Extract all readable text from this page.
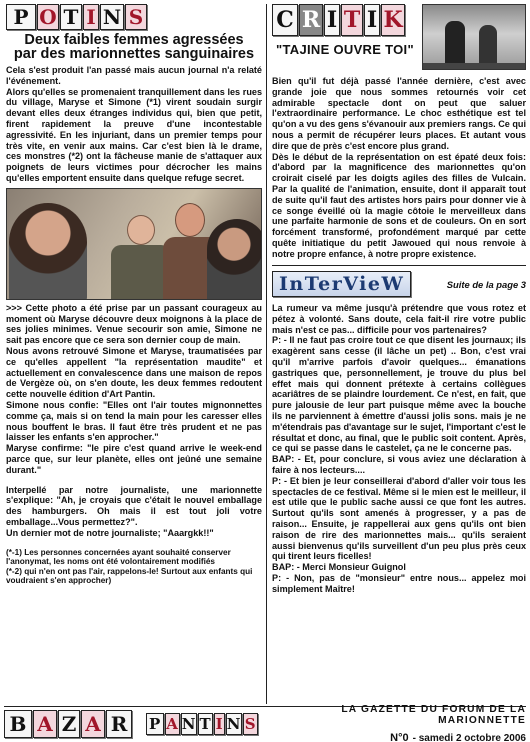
P O T I N S
Deux faibles femmes agressées
par des marionnettes sanguinaires

Cela s'est produit l'an passé mais aucun journal n'a relaté l'événement.

Alors qu'elles se promenaient tranquillement dans les rues du village, Maryse et Simone (*1) virent soudain surgir devant elles deux étranges individus qui, bien que petit, firent rapidement la preuve d'une incontestable agressivité. En les injuriant, dans un premier temps pour très vite, en venir aux mains. Car c'est bien là le drame, ces monstres (*2) ont la fâcheuse manie de s'attaquer aux poignets de leurs victimes pour décrocher les mains qu'elles emportent ensuite dans quelque refuge secret.

>>> Cette photo a été prise par un passant courageux au moment où Maryse découvre deux moignons à la place de ses jolies minimes. Venue secourir son amie, Simone ne sait pas encore que ce sera son dernier coup de main.

Nous avons retrouvé Simone et Maryse, traumatisées par ce qu'elles appellent "la représentation maudite" et actuellement en convalescence dans une maison de repos de Vergèze où, on s'en doute, les deux femmes redoutent cette nouvelle édition d'Art Pantin.

Simone nous confie: "Elles ont l'air toutes mignonnettes comme ça, mais si on tend la main pour les caresser elles nous bouffent le bras. Il faut être très prudent et ne pas laisser les enfants s'en approcher."

Maryse confirme: "le pire c'est quand arrive le week-end parce que, sur leur planète, elles ont jeûné une semaine durant."

Interpellé par notre journaliste, une marionnette s'explique: "Ah, je croyais que c'était le nouvel emballage des hamburgers. Oh mais il est tout joli votre emballage...Vous permettez?".

Un dernier mot de notre journaliste; "Aaargkk!!"

(*-1) Les personnes concernées ayant souhaité conserver l'anonymat, les noms ont été volontairement modifiés

(*-2) qui n'en ont pas l'air, rappelons-le! Surtout aux enfants qui voudraient s'en approcher)

C R I T I K
"TAJINE OUVRE TOI"

Bien qu'il fut déjà passé l'année dernière, c'est avec grande joie que nous sommes retournés voir cet admirable spectacle dont on peut que saluer l'extraordinaire performance. Le choc esthétique est tel qu'on a vu des gens s'évanouir aux premiers rangs. Ce qui nous a permit de récupérer leurs places. Et autant vous dire que de près c'est encore plus grand.

Dès le début de la représentation on est épaté deux fois: d'abord par la magnificence des marionnettes qu'on croirait ciselé par les doigts agiles des filles de Vulcain. Par la qualité de l'animation, ensuite, dont il apparaît tout de suite qu'il faut des artistes hors pairs pour donner vie à ce songe éveillé où la magie côtoie le merveilleux dans une parfaite harmonie de sons et de couleurs. On en sort forcément transformé, profondément marqué par cette quête initiatique du petit Jawoued qui nous renvoie à notre propre enfance, à notre propre existence.

InTerVieW	Suite de la page 3

La rumeur va même jusqu'à prétendre que vous rotez et pétez à volonté. Sans doute, cela fait-il rire votre public mais n'est ce pas... difficile pour vos partenaires?

P: - Il ne faut pas croire tout ce que disent les journaux; ils exagèrent sans cesse (il lâche un pet) .. Bon, c'est vrai qu'il m'arrive parfois d'avoir quelques... émanations gastriques que, personnellement, je trouve du plus bel effet mais qui donnent prétexte à certains collègues acariâtres de se plaindre lourdement. Ce n'est, en fait, que pure jalousie de leur part puisque même avec la bouche ils ne parviennent à émettre d'aussi jolis sons. mais je ne m'étendrais pas d'avantage sur le sujet, l'important c'est le résultat et donc, au final, que le public soit content. Après, ce qui se passe dans le castelet, ça ne le concerne pas.

BAP: - Et, pour conclure, si vous aviez une déclaration à faire à nos lecteurs....

P: - Et bien je leur conseillerai d'abord d'aller voir tous les spectacles de ce festival. Même si le mien est le meilleur, il est utile que le public sache aussi ce que font les autres. Surtout qu'ils sont amenés à progresser, y a pas de raison... Ensuite, je rappellerai aux gens qu'ils ont bien raison de rire des marionnettes mais... qu'ils seraient aussi bienvenus qu'ils surveillent d'un peu plus près ceux qui tirent leurs ficelles!

BAP: - Merci Monsieur Guignol

P: - Non, pas de "monsieur" entre nous... appelez moi simplement Maître!

B A Z A R	P A N T I N S
LA GAZETTE DU FORUM DE LA MARIONNETTE
N°0 - samedi 2 octobre 2006
